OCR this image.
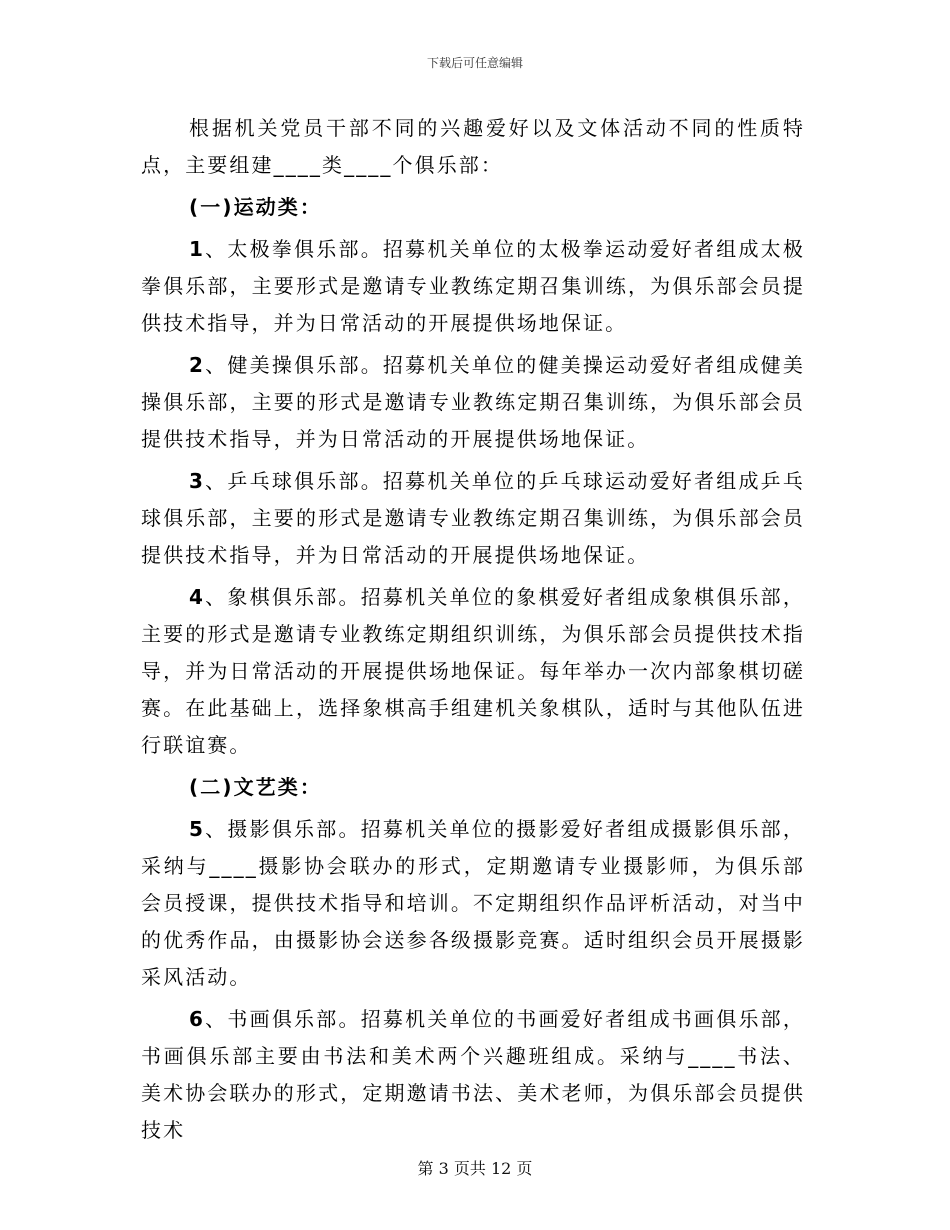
下载后可任意编辑

根据机关党员干部不同的兴趣爱好以及文体活动不同的性质特点，主要组建____类____个俱乐部：

(一)运动类：

1、太极拳俱乐部。招募机关单位的太极拳运动爱好者组成太极拳俱乐部，主要形式是邀请专业教练定期召集训练，为俱乐部会员提供技术指导，并为日常活动的开展提供场地保证。

2、健美操俱乐部。招募机关单位的健美操运动爱好者组成健美操俱乐部，主要的形式是邀请专业教练定期召集训练，为俱乐部会员提供技术指导，并为日常活动的开展提供场地保证。

3、乒乓球俱乐部。招募机关单位的乒乓球运动爱好者组成乒乓球俱乐部，主要的形式是邀请专业教练定期召集训练，为俱乐部会员提供技术指导，并为日常活动的开展提供场地保证。

4、象棋俱乐部。招募机关单位的象棋爱好者组成象棋俱乐部，主要的形式是邀请专业教练定期组织训练，为俱乐部会员提供技术指导，并为日常活动的开展提供场地保证。每年举办一次内部象棋切磋赛。在此基础上，选择象棋高手组建机关象棋队，适时与其他队伍进行联谊赛。

(二)文艺类：

5、摄影俱乐部。招募机关单位的摄影爱好者组成摄影俱乐部，采纳与____摄影协会联办的形式，定期邀请专业摄影师，为俱乐部会员授课，提供技术指导和培训。不定期组织作品评析活动，对当中的优秀作品，由摄影协会送参各级摄影竞赛。适时组织会员开展摄影采风活动。

6、书画俱乐部。招募机关单位的书画爱好者组成书画俱乐部，书画俱乐部主要由书法和美术两个兴趣班组成。采纳与____书法、美术协会联办的形式，定期邀请书法、美术老师，为俱乐部会员提供技术

第 3 页共 12 页
